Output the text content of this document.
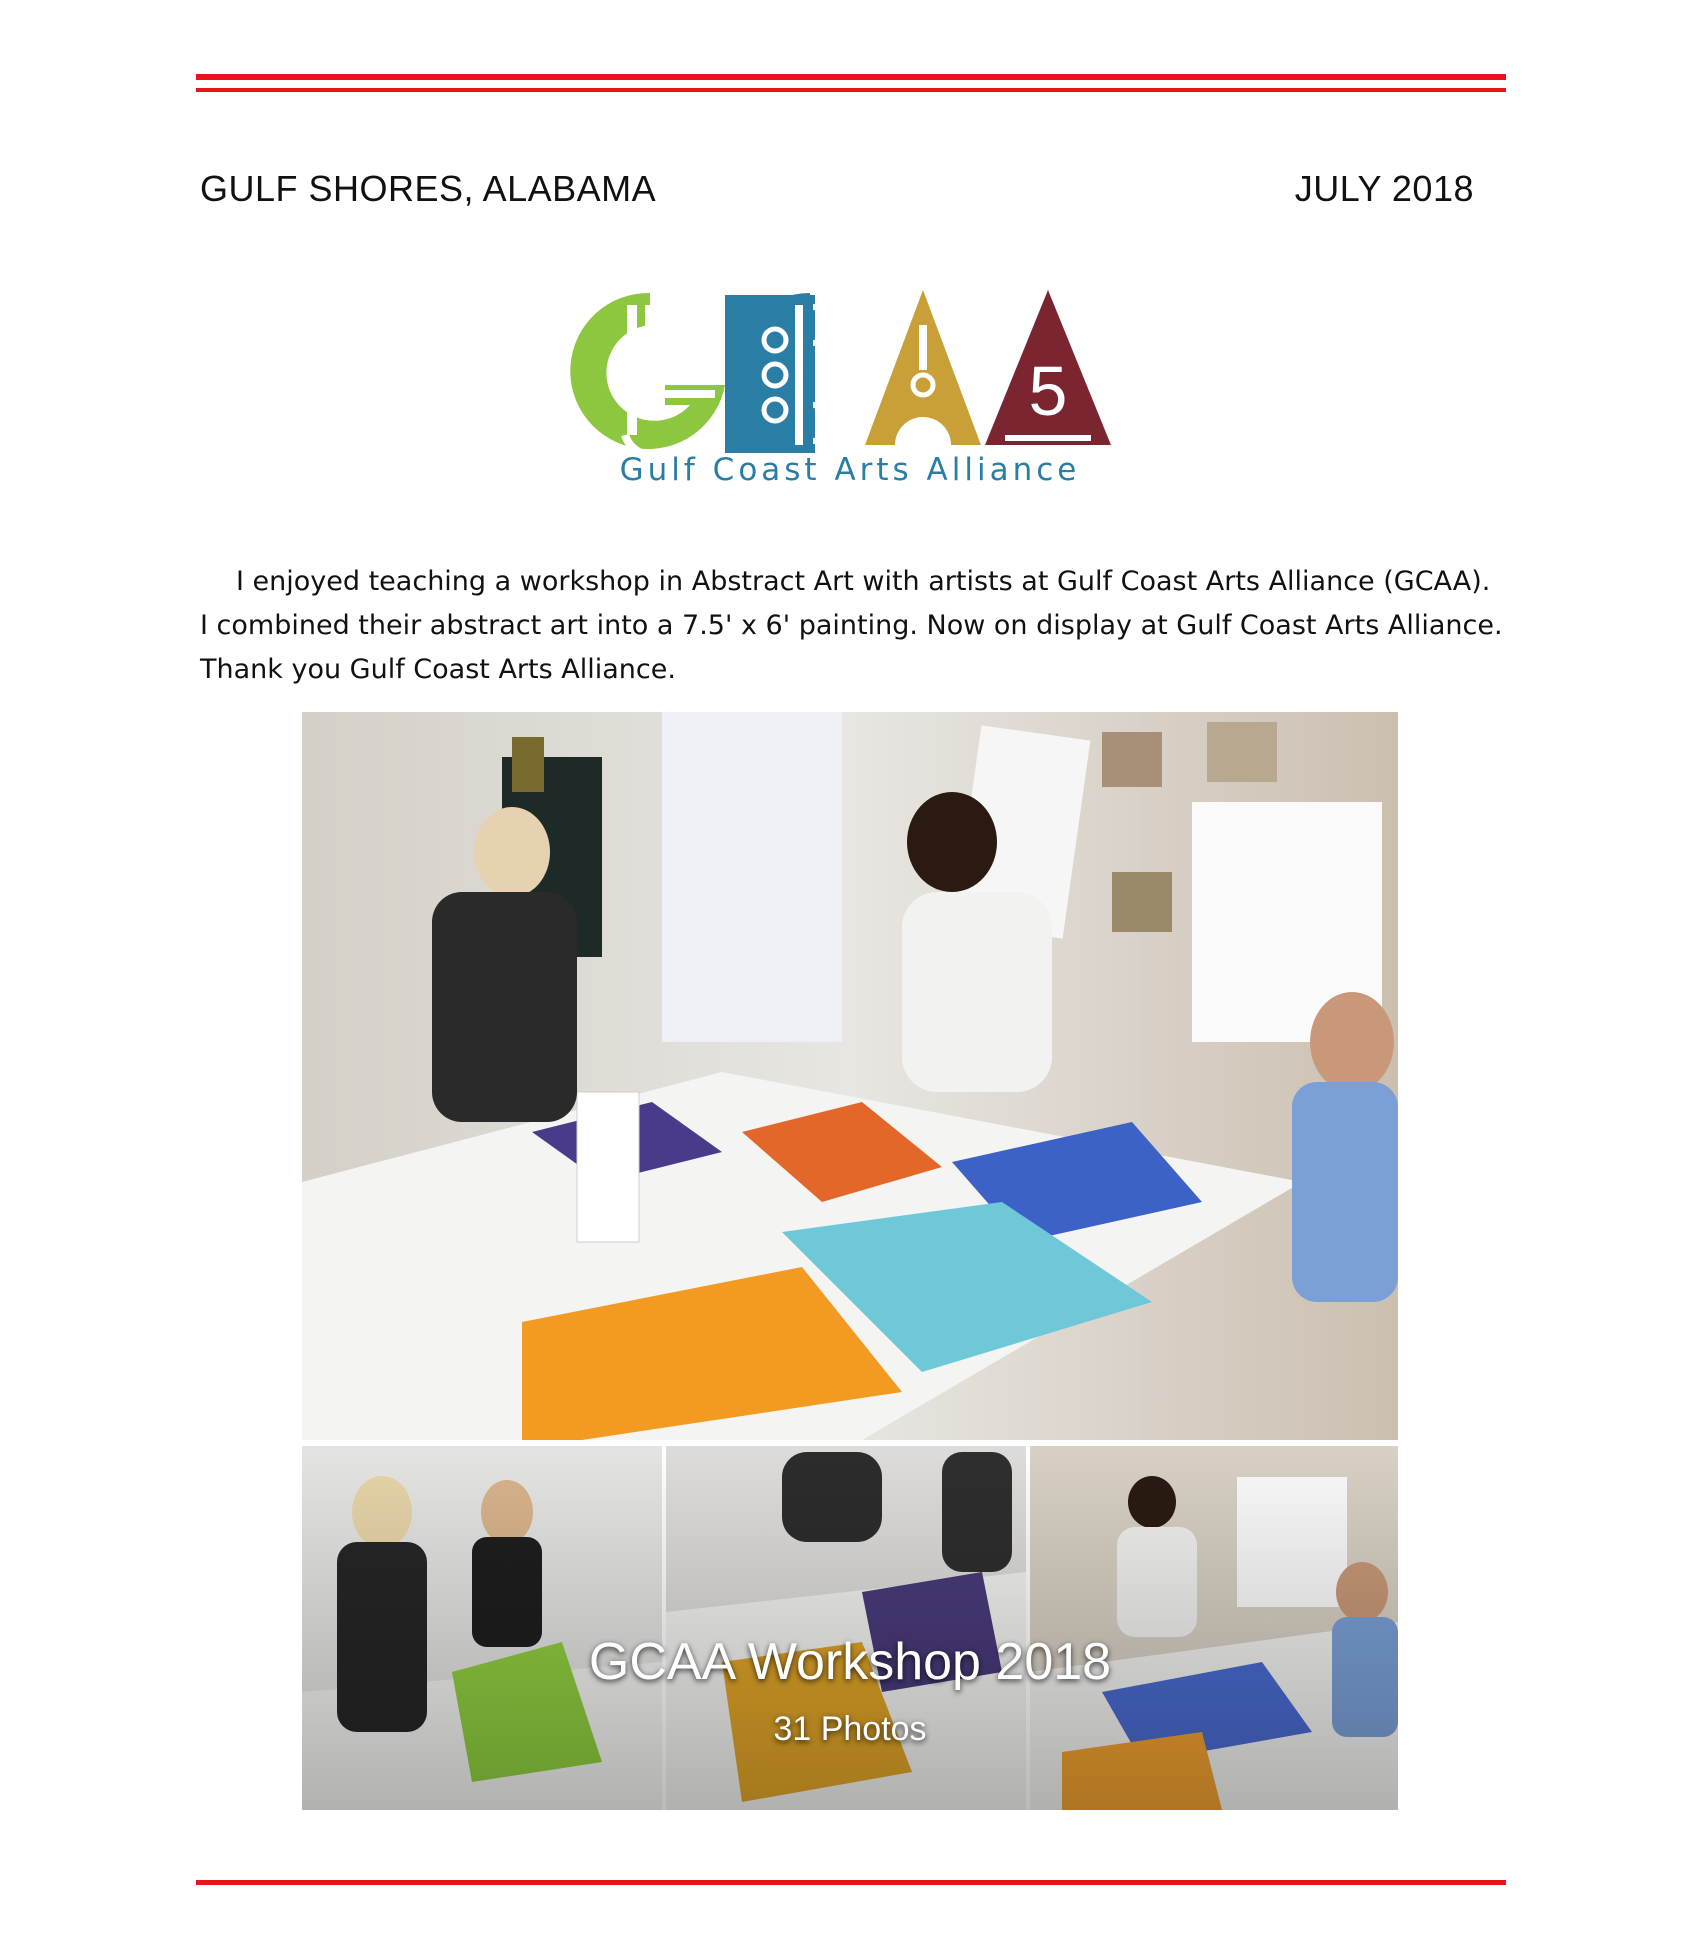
GULF SHORES, ALABAMA	JULY 2018
5
Gulf Coast Arts Alliance

I enjoyed teaching a workshop in Abstract Art with artists at Gulf Coast Arts Alliance (GCAA).

I combined their abstract art into a 7.5' x 6' painting. Now on display at Gulf Coast Arts Alliance.

Thank you Gulf Coast Arts Alliance.

GCAA Workshop 2018
31 Photos
